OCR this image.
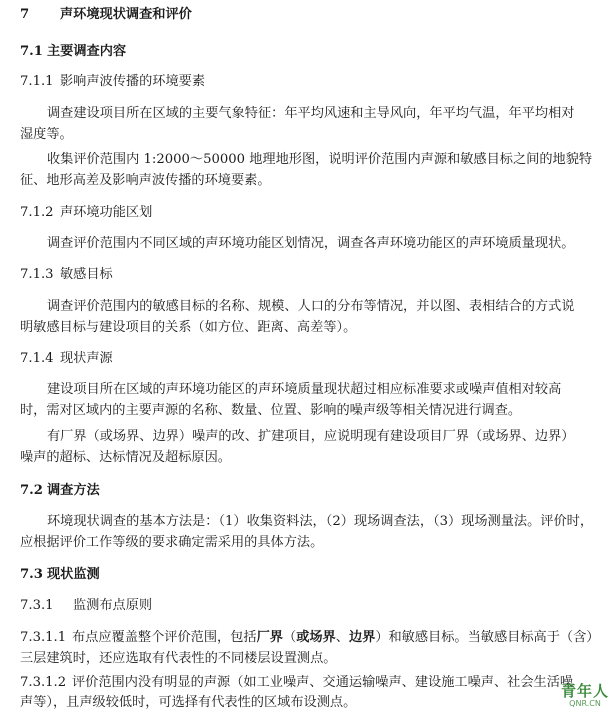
7 声环境现状调查和评价
7.1 主要调查内容
7.1.1 影响声波传播的环境要素
调查建设项目所在区域的主要气象特征：年平均风速和主导风向，年平均气温，年平均相对
湿度等。
收集评价范围内 1:2000～50000 地理地形图，说明评价范围内声源和敏感目标之间的地貌特
征、地形高差及影响声波传播的环境要素。
7.1.2 声环境功能区划
调查评价范围内不同区域的声环境功能区划情况，调查各声环境功能区的声环境质量现状。
7.1.3 敏感目标
调查评价范围内的敏感目标的名称、规模、人口的分布等情况，并以图、表相结合的方式说
明敏感目标与建设项目的关系（如方位、距离、高差等）。
7.1.4 现状声源
建设项目所在区域的声环境功能区的声环境质量现状超过相应标准要求或噪声值相对较高
时，需对区域内的主要声源的名称、数量、位置、影响的噪声级等相关情况进行调查。
有厂界（或场界、边界）噪声的改、扩建项目，应说明现有建设项目厂界（或场界、边界）
噪声的超标、达标情况及超标原因。
7.2 调查方法
环境现状调查的基本方法是：（1）收集资料法，（2）现场调查法，（3）现场测量法。评价时，
应根据评价工作等级的要求确定需采用的具体方法。
7.3 现状监测
7.3.1 监测布点原则
7.3.1.1 布点应覆盖整个评价范围，包括厂界（或场界、边界）和敏感目标。当敏感目标高于（含）
三层建筑时，还应选取有代表性的不同楼层设置测点。
7.3.1.2 评价范围内没有明显的声源（如工业噪声、交通运输噪声、建设施工噪声、社会生活噪
声等），且声级较低时，可选择有代表性的区域布设测点。
青年人
QNR.CN
